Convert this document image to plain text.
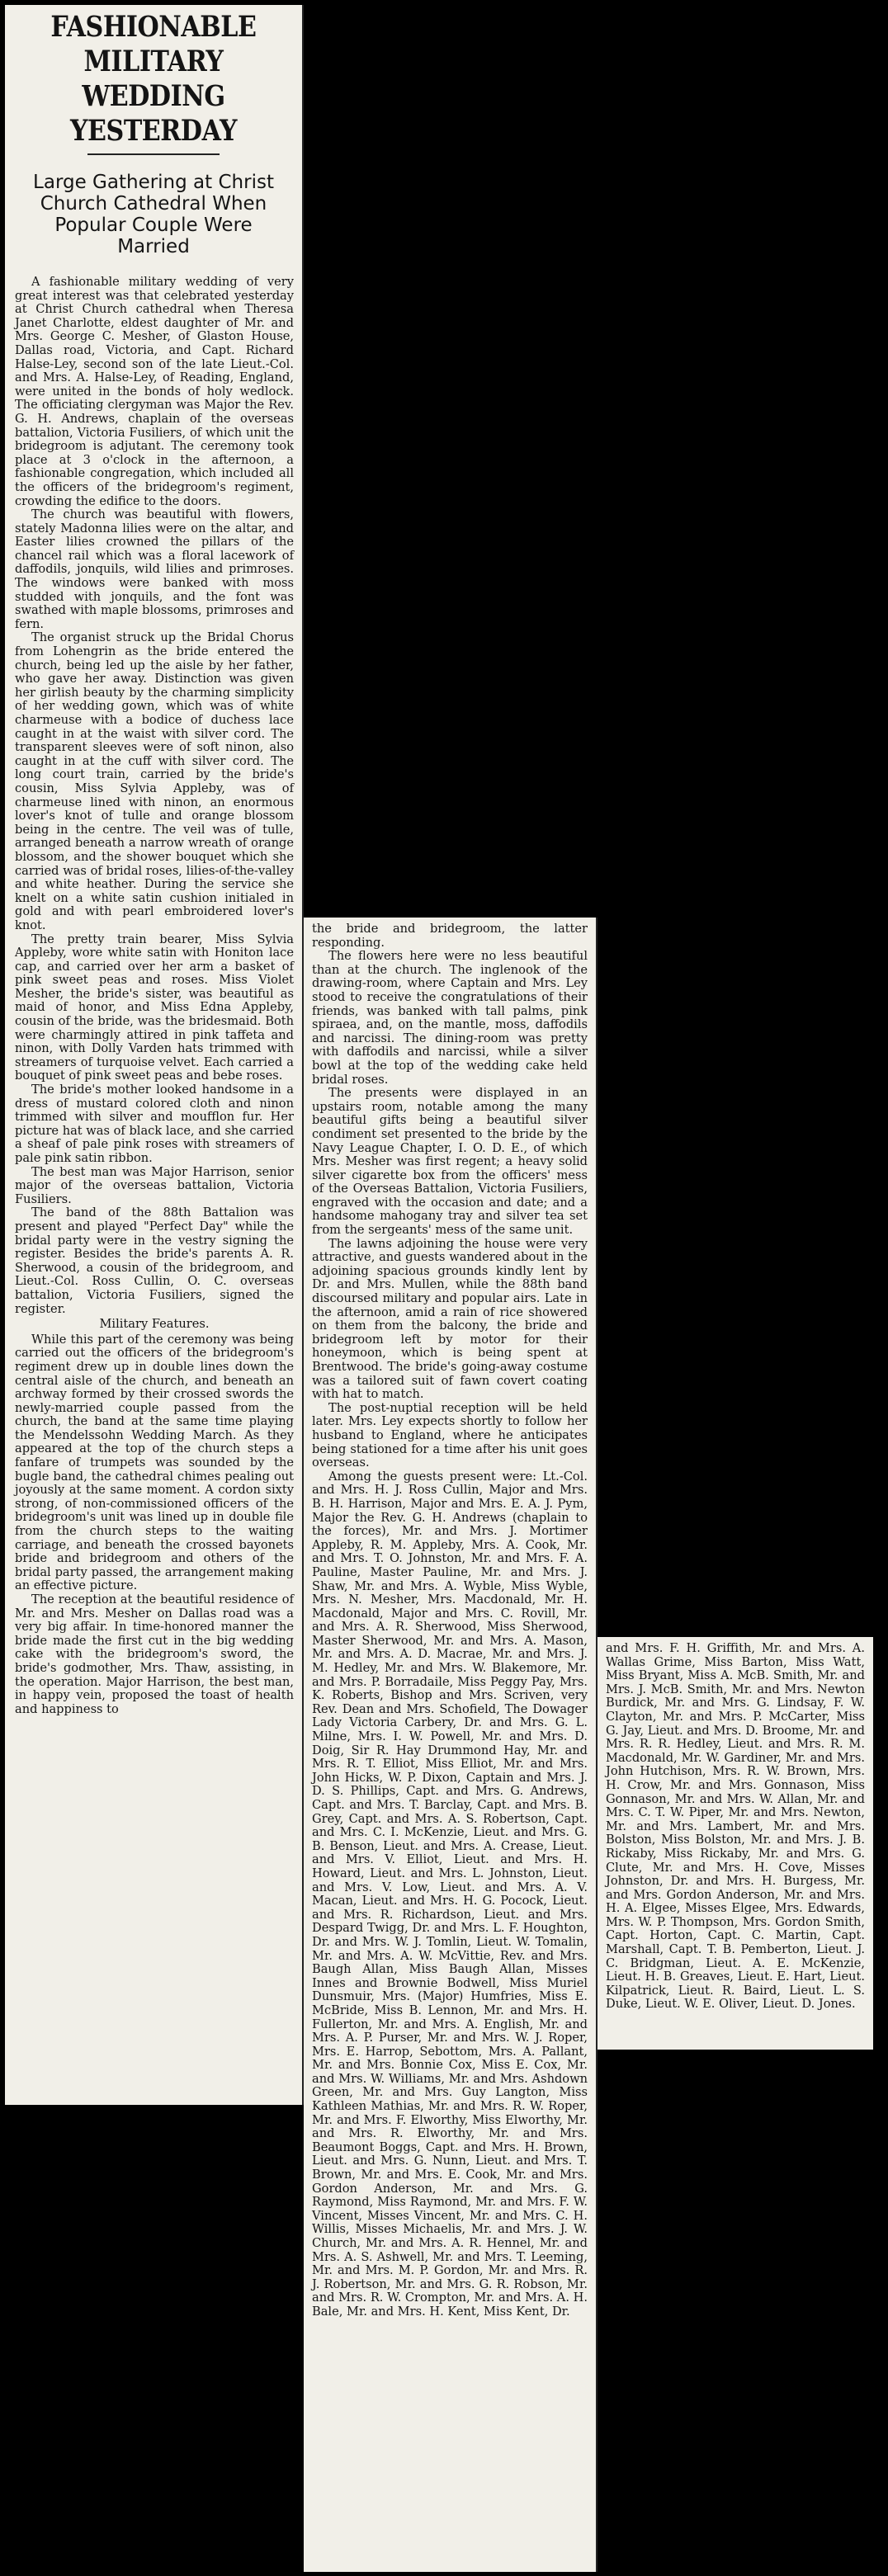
FASHIONABLE MILITARY
WEDDING YESTERDAY
Large Gathering at Christ Church Cathedral When Popular Couple Were Married

A fashionable military wedding of very great interest was that celebrated yesterday at Christ Church cathedral when Theresa Janet Charlotte, eldest daughter of Mr. and Mrs. George C. Mesher, of Glaston House, Dallas road, Victoria, and Capt. Richard Halse-Ley, second son of the late Lieut.-Col. and Mrs. A. Halse-Ley, of Reading, England, were united in the bonds of holy wedlock. The officiating clergyman was Major the Rev. G. H. Andrews, chaplain of the overseas battalion, Victoria Fusiliers, of which unit the bridegroom is adjutant. The ceremony took place at 3 o'clock in the afternoon, a fashionable congregation, which included all the officers of the bridegroom's regiment, crowding the edifice to the doors.

The church was beautiful with flowers, stately Madonna lilies were on the altar, and Easter lilies crowned the pillars of the chancel rail which was a floral lacework of daffodils, jonquils, wild lilies and primroses. The windows were banked with moss studded with jonquils, and the font was swathed with maple blossoms, primroses and fern.

The organist struck up the Bridal Chorus from Lohengrin as the bride entered the church, being led up the aisle by her father, who gave her away. Distinction was given her girlish beauty by the charming simplicity of her wedding gown, which was of white charmeuse with a bodice of duchess lace caught in at the waist with silver cord. The transparent sleeves were of soft ninon, also caught in at the cuff with silver cord. The long court train, carried by the bride's cousin, Miss Sylvia Appleby, was of charmeuse lined with ninon, an enormous lover's knot of tulle and orange blossom being in the centre. The veil was of tulle, arranged beneath a narrow wreath of orange blossom, and the shower bouquet which she carried was of bridal roses, lilies-of-the-valley and white heather. During the service she knelt on a white satin cushion initialed in gold and with pearl embroidered lover's knot.

The pretty train bearer, Miss Sylvia Appleby, wore white satin with Honiton lace cap, and carried over her arm a basket of pink sweet peas and roses. Miss Violet Mesher, the bride's sister, was beautiful as maid of honor, and Miss Edna Appleby, cousin of the bride, was the bridesmaid. Both were charmingly attired in pink taffeta and ninon, with Dolly Varden hats trimmed with streamers of turquoise velvet. Each carried a bouquet of pink sweet peas and bebe roses.

The bride's mother looked handsome in a dress of mustard colored cloth and ninon trimmed with silver and moufflon fur. Her picture hat was of black lace, and she carried a sheaf of pale pink roses with streamers of pale pink satin ribbon.

The best man was Major Harrison, senior major of the overseas battalion, Victoria Fusiliers.

The band of the 88th Battalion was present and played "Perfect Day" while the bridal party were in the vestry signing the register. Besides the bride's parents A. R. Sherwood, a cousin of the bridegroom, and Lieut.-Col. Ross Cullin, O. C. overseas battalion, Victoria Fusiliers, signed the register.

Military Features.

While this part of the ceremony was being carried out the officers of the bridegroom's regiment drew up in double lines down the central aisle of the church, and beneath an archway formed by their crossed swords the newly-married couple passed from the church, the band at the same time playing the Mendelssohn Wedding March. As they appeared at the top of the church steps a fanfare of trumpets was sounded by the bugle band, the cathedral chimes pealing out joyously at the same moment. A cordon sixty strong, of non-commissioned officers of the bridegroom's unit was lined up in double file from the church steps to the waiting carriage, and beneath the crossed bayonets bride and bridegroom and others of the bridal party passed, the arrangement making an effective picture.

The reception at the beautiful residence of Mr. and Mrs. Mesher on Dallas road was a very big affair. In time-honored manner the bride made the first cut in the big wedding cake with the bridegroom's sword, the bride's godmother, Mrs. Thaw, assisting, in the operation. Major Harrison, the best man, in happy vein, proposed the toast of health and happiness to

the bride and bridegroom, the latter responding.

The flowers here were no less beautiful than at the church. The inglenook of the drawing-room, where Captain and Mrs. Ley stood to receive the congratulations of their friends, was banked with tall palms, pink spiraea, and, on the mantle, moss, daffodils and narcissi. The dining-room was pretty with daffodils and narcissi, while a silver bowl at the top of the wedding cake held bridal roses.

The presents were displayed in an upstairs room, notable among the many beautiful gifts being a beautiful silver condiment set presented to the bride by the Navy League Chapter, I. O. D. E., of which Mrs. Mesher was first regent; a heavy solid silver cigarette box from the officers' mess of the Overseas Battalion, Victoria Fusiliers, engraved with the occasion and date; and a handsome mahogany tray and silver tea set from the sergeants' mess of the same unit.

The lawns adjoining the house were very attractive, and guests wandered about in the adjoining spacious grounds kindly lent by Dr. and Mrs. Mullen, while the 88th band discoursed military and popular airs. Late in the afternoon, amid a rain of rice showered on them from the balcony, the bride and bridegroom left by motor for their honeymoon, which is being spent at Brentwood. The bride's going-away costume was a tailored suit of fawn covert coating with hat to match.

The post-nuptial reception will be held later. Mrs. Ley expects shortly to follow her husband to England, where he anticipates being stationed for a time after his unit goes overseas.

Among the guests present were: Lt.-Col. and Mrs. H. J. Ross Cullin, Major and Mrs. B. H. Harrison, Major and Mrs. E. A. J. Pym, Major the Rev. G. H. Andrews (chaplain to the forces), Mr. and Mrs. J. Mortimer Appleby, R. M. Appleby, Mrs. A. Cook, Mr. and Mrs. T. O. Johnston, Mr. and Mrs. F. A. Pauline, Master Pauline, Mr. and Mrs. J. Shaw, Mr. and Mrs. A. Wyble, Miss Wyble, Mrs. N. Mesher, Mrs. Macdonald, Mr. H. Macdonald, Major and Mrs. C. Rovill, Mr. and Mrs. A. R. Sherwood, Miss Sherwood, Master Sherwood, Mr. and Mrs. A. Mason, Mr. and Mrs. A. D. Macrae, Mr. and Mrs. J. M. Hedley, Mr. and Mrs. W. Blakemore, Mr. and Mrs. P. Borradaile, Miss Peggy Pay, Mrs. K. Roberts, Bishop and Mrs. Scriven, very Rev. Dean and Mrs. Schofield, The Dowager Lady Victoria Carbery, Dr. and Mrs. G. L. Milne, Mrs. I. W. Powell, Mr. and Mrs. D. Doig, Sir R. Hay Drummond Hay, Mr. and Mrs. R. T. Elliot, Miss Elliot, Mr. and Mrs. John Hicks, W. P. Dixon, Captain and Mrs. J. D. S. Phillips, Capt. and Mrs. G. Andrews, Capt. and Mrs. T. Barclay, Capt. and Mrs. B. Grey, Capt. and Mrs. A. S. Robertson, Capt. and Mrs. C. I. McKenzie, Lieut. and Mrs. G. B. Benson, Lieut. and Mrs. A. Crease, Lieut. and Mrs. V. Elliot, Lieut. and Mrs. H. Howard, Lieut. and Mrs. L. Johnston, Lieut. and Mrs. V. Low, Lieut. and Mrs. A. V. Macan, Lieut. and Mrs. H. G. Pocock, Lieut. and Mrs. R. Richardson, Lieut. and Mrs. Despard Twigg, Dr. and Mrs. L. F. Houghton, Dr. and Mrs. W. J. Tomlin, Lieut. W. Tomalin, Mr. and Mrs. A. W. McVittie, Rev. and Mrs. Baugh Allan, Miss Baugh Allan, Misses Innes and Brownie Bodwell, Miss Muriel Dunsmuir, Mrs. (Major) Humfries, Miss E. McBride, Miss B. Lennon, Mr. and Mrs. H. Fullerton, Mr. and Mrs. A. English, Mr. and Mrs. A. P. Purser, Mr. and Mrs. W. J. Roper, Mrs. E. Harrop, Sebottom, Mrs. A. Pallant, Mr. and Mrs. Bonnie Cox, Miss E. Cox, Mr. and Mrs. W. Williams, Mr. and Mrs. Ashdown Green, Mr. and Mrs. Guy Langton, Miss Kathleen Mathias, Mr. and Mrs. R. W. Roper, Mr. and Mrs. F. Elworthy, Miss Elworthy, Mr. and Mrs. R. Elworthy, Mr. and Mrs. Beaumont Boggs, Capt. and Mrs. H. Brown, Lieut. and Mrs. G. Nunn, Lieut. and Mrs. T. Brown, Mr. and Mrs. E. Cook, Mr. and Mrs. Gordon Anderson, Mr. and Mrs. G. Raymond, Miss Raymond, Mr. and Mrs. F. W. Vincent, Misses Vincent, Mr. and Mrs. C. H. Willis, Misses Michaelis, Mr. and Mrs. J. W. Church, Mr. and Mrs. A. R. Hennel, Mr. and Mrs. A. S. Ashwell, Mr. and Mrs. T. Leeming, Mr. and Mrs. M. P. Gordon, Mr. and Mrs. R. J. Robertson, Mr. and Mrs. G. R. Robson, Mr. and Mrs. R. W. Crompton, Mr. and Mrs. A. H. Bale, Mr. and Mrs. H. Kent, Miss Kent, Dr.

and Mrs. F. H. Griffith, Mr. and Mrs. A. Wallas Grime, Miss Barton, Miss Watt, Miss Bryant, Miss A. McB. Smith, Mr. and Mrs. J. McB. Smith, Mr. and Mrs. Newton Burdick, Mr. and Mrs. G. Lindsay, F. W. Clayton, Mr. and Mrs. P. McCarter, Miss G. Jay, Lieut. and Mrs. D. Broome, Mr. and Mrs. R. R. Hedley, Lieut. and Mrs. R. M. Macdonald, Mr. W. Gardiner, Mr. and Mrs. John Hutchison, Mrs. R. W. Brown, Mrs. H. Crow, Mr. and Mrs. Gonnason, Miss Gonnason, Mr. and Mrs. W. Allan, Mr. and Mrs. C. T. W. Piper, Mr. and Mrs. Newton, Mr. and Mrs. Lambert, Mr. and Mrs. Bolston, Miss Bolston, Mr. and Mrs. J. B. Rickaby, Miss Rickaby, Mr. and Mrs. G. Clute, Mr. and Mrs. H. Cove, Misses Johnston, Dr. and Mrs. H. Burgess, Mr. and Mrs. Gordon Anderson, Mr. and Mrs. H. A. Elgee, Misses Elgee, Mrs. Edwards, Mrs. W. P. Thompson, Mrs. Gordon Smith, Capt. Horton, Capt. C. Martin, Capt. Marshall, Capt. T. B. Pemberton, Lieut. J. C. Bridgman, Lieut. A. E. McKenzie, Lieut. H. B. Greaves, Lieut. E. Hart, Lieut. Kilpatrick, Lieut. R. Baird, Lieut. L. S. Duke, Lieut. W. E. Oliver, Lieut. D. Jones.
